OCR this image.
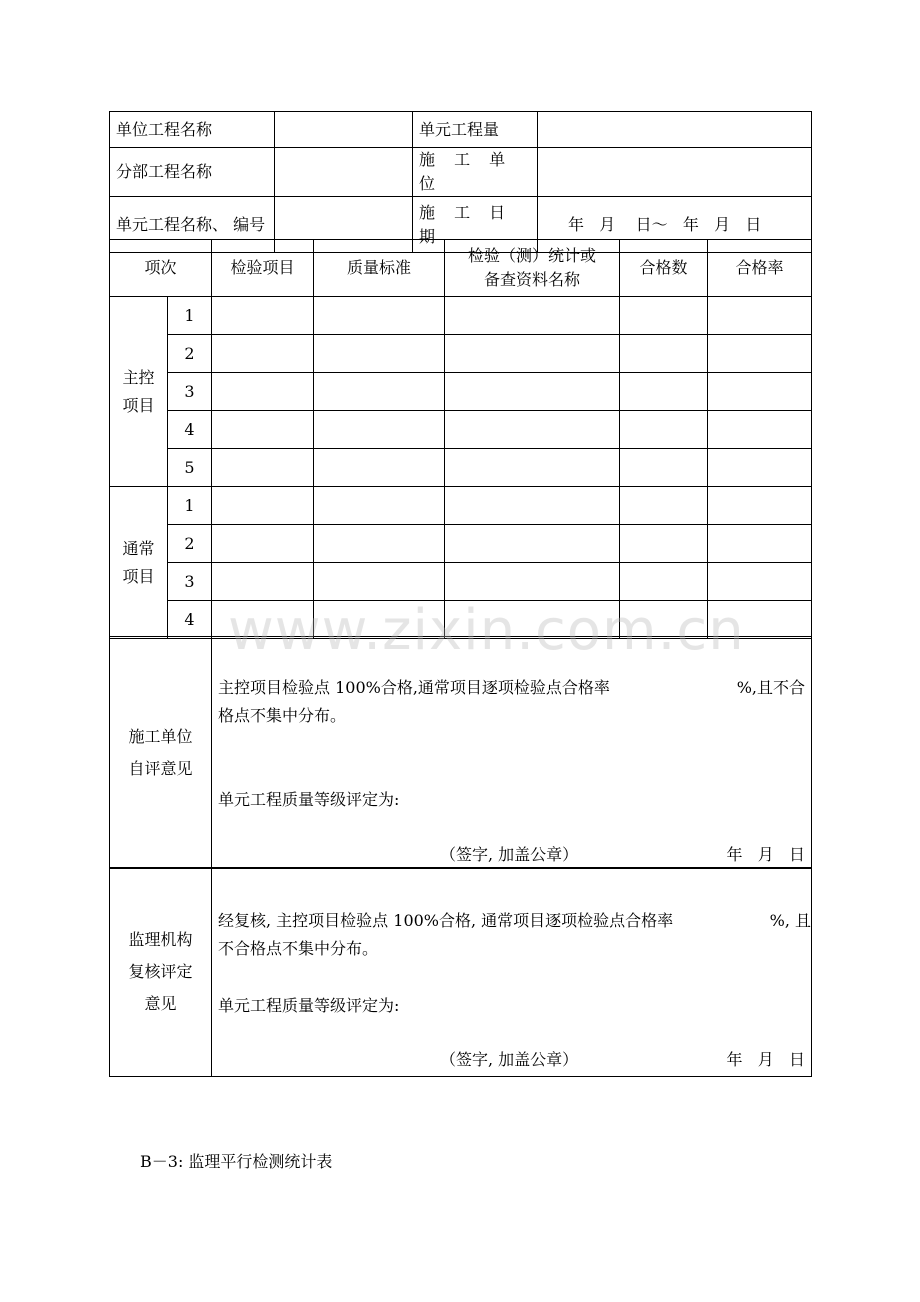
单位工程名称		单元工程量	
分部工程名称		施 工 单 位	
单元工程名称、 编号		施 工 日 期	年   月    日～   年   月   日
项次		检验项目	质量标准	检验（测）统计或备查资料名称	合格数	合格率
主控项目	1					
	2					
	3					
	4					
	5					
通常项目	1					
	2					
	3					
	4					
施工单位自评意见	
主控项目检验点 100%合格,通常项目逐项检验点合格率	%,且不合
格点不集中分布。
单元工程质量等级评定为:
（签字, 加盖公章）	年   月   日
监理机构复核评定意见	
经复核, 主控项目检验点 100%合格, 通常项目逐项检验点合格率	%, 且
不合格点不集中分布。
单元工程质量等级评定为:
（签字, 加盖公章）	年   月   日
B－3: 监理平行检测统计表
www.zixin.com.cn
